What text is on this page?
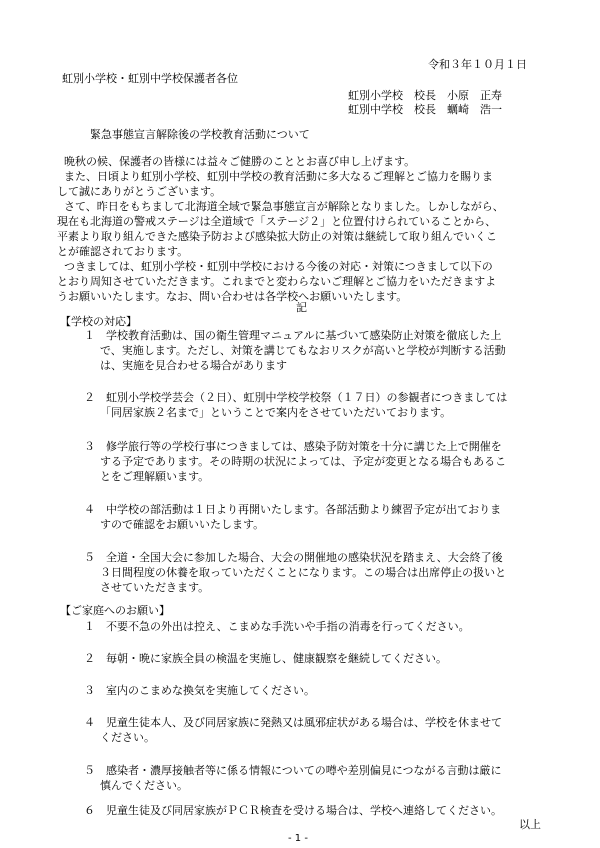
令和３年１０月１日
虹別小学校・虹別中学校保護者各位
虹別小学校　校長　小原　正寿
虹別中学校　校長　蠣崎　浩一
緊急事態宣言解除後の学校教育活動について
晩秋の候、保護者の皆様には益々ご健勝のこととお喜び申し上げます。
また、日頃より虹別小学校、虹別中学校の教育活動に多大なるご理解とご協力を賜りま
して誠にありがとうございます。
さて、昨日をもちまして北海道全域で緊急事態宣言が解除となりました。しかしながら、
現在も北海道の警戒ステージは全道域で「ステージ２」と位置付けられていることから、
平素より取り組んできた感染予防および感染拡大防止の対策は継続して取り組んでいくこ
とが確認されております。
つきましては、虹別小学校・虹別中学校における今後の対応・対策につきまして以下の
とおり周知させていただきます。これまでと変わらないご理解とご協力をいただきますよ
うお願いいたします。なお、問い合わせは各学校へお願いいたします。
記
【学校の対応】
１　学校教育活動は、国の衛生管理マニュアルに基づいて感染防止対策を徹底した上
で、実施します。ただし、対策を講じてもなおリスクが高いと学校が判断する活動
は、実施を見合わせる場合があります
２　虹別小学校学芸会（２日）、虹別中学校学校祭（１７日）の参観者につきましては
「同居家族２名まで」ということで案内をさせていただいております。
３　修学旅行等の学校行事につきましては、感染予防対策を十分に講じた上で開催を
する予定であります。その時期の状況によっては、予定が変更となる場合もあるこ
とをご理解願います。
４　中学校の部活動は１日より再開いたします。各部活動より練習予定が出ておりま
すので確認をお願いいたします。
５　全道・全国大会に参加した場合、大会の開催地の感染状況を踏まえ、大会終了後
３日間程度の休養を取っていただくことになります。この場合は出席停止の扱いと
させていただきます。
【ご家庭へのお願い】
１　不要不急の外出は控え、こまめな手洗いや手指の消毒を行ってください。
２　毎朝・晩に家族全員の検温を実施し、健康観察を継続してください。
３　室内のこまめな換気を実施してください。
４　児童生徒本人、及び同居家族に発熱又は風邪症状がある場合は、学校を休ませて
ください。
５　感染者・濃厚接触者等に係る情報についての噂や差別偏見につながる言動は厳に
慎んでください。
６　児童生徒及び同居家族がＰＣＲ検査を受ける場合は、学校へ連絡してください。
以上
- 1 -
